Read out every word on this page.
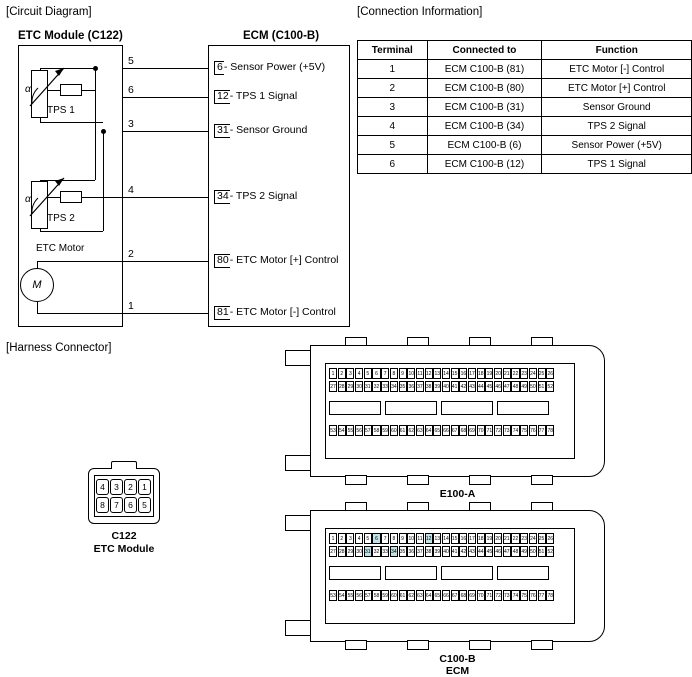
[Circuit Diagram]
ETC Module (C122)	ECM (C100-B)
5
6
3
4
2
1
6- Sensor Power (+5V)
12- TPS 1 Signal
31- Sensor Ground
34- TPS 2 Signal
80- ETC Motor [+] Control
81- ETC Motor [-] Control
α
TPS 1
α
TPS 2
ETC Motor
M
[Connection Information]
Terminal	Connected to	Function
1	ECM C100-B (81)	ETC Motor [-] Control
2	ECM C100-B (80)	ETC Motor [+] Control
3	ECM C100-B (31)	Sensor Ground
4	ECM C100-B (34)	TPS 2 Signal
5	ECM C100-B (6)	Sensor Power (+5V)
6	ECM C100-B (12)	TPS 1 Signal
[Harness Connector]
4	3	2	1
8	7	6	5
C122
ETC Module
1	2	3	4	5	6	7	8	9 10 11 12 13 14 15 16 17 18 19 20 21 22 23 24 25 26
27 28 29 30 31 32 33 34 35 36 37 38 39 40 41 42 43 44 45 46 47 48 49 50 51 52
53 54 55 56 57 58 59 60 61 62 63 64 65 66 67 68 69 70 71 72 73 74 75 76 77 78
E100-A
1	2	3	4	5	6	7	8	9 10 11 12 13 14 15 16 17 18 19 20 21 22 23 24 25 26
27 28 29 30 31 32 33 34 35 36 37 38 39 40 41 42 43 44 45 46 47 48 49 50 51 52
53 54 55 56 57 58 59 60 61 62 63 64 65 66 67 68 69 70 71 72 73 74 75 76 77 78
C100-B
ECM
